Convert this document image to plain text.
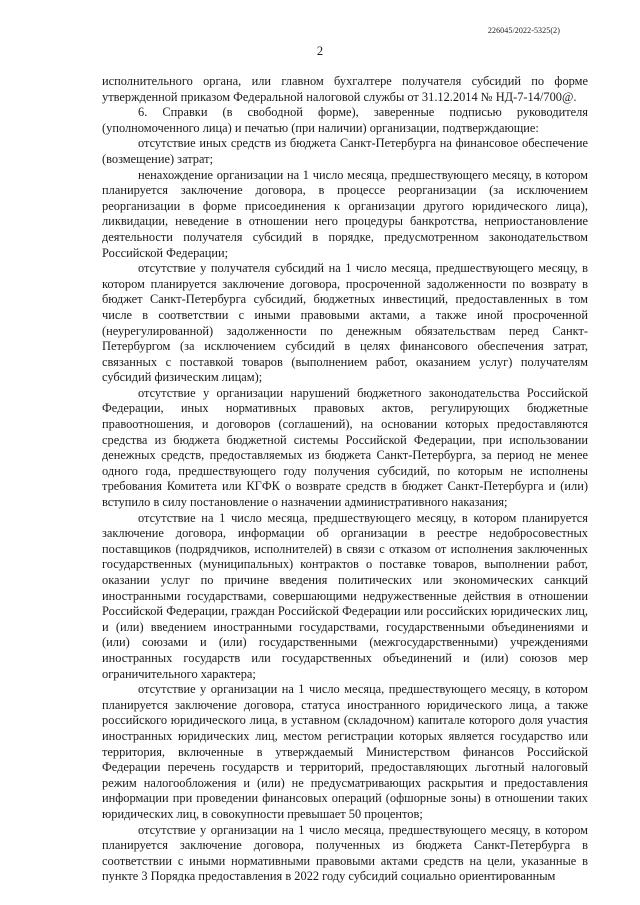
226045/2022-5325(2)
2

исполнительного органа, или главном бухгалтере получателя субсидий по форме утвержденной приказом Федеральной налоговой службы от 31.12.2014 № НД-7-14/700@.

6. Справки (в свободной форме), заверенные подписью руководителя (уполномоченного лица) и печатью (при наличии) организации, подтверждающие:

отсутствие иных средств из бюджета Санкт-Петербурга на финансовое обеспечение (возмещение) затрат;

ненахождение организации на 1 число месяца, предшествующего месяцу, в котором планируется заключение договора, в процессе реорганизации (за исключением реорганизации в форме присоединения к организации другого юридического лица), ликвидации, неведение в отношении него процедуры банкротства, неприостановление деятельности получателя субсидий в порядке, предусмотренном законодательством Российской Федерации;

отсутствие у получателя субсидий на 1 число месяца, предшествующего месяцу, в котором планируется заключение договора, просроченной задолженности по возврату в бюджет Санкт-Петербурга субсидий, бюджетных инвестиций, предоставленных в том числе в соответствии с иными правовыми актами, а также иной просроченной (неурегулированной) задолженности по денежным обязательствам перед Санкт-Петербургом (за исключением субсидий в целях финансового обеспечения затрат, связанных с поставкой товаров (выполнением работ, оказанием услуг) получателям субсидий физическим лицам);

отсутствие у организации нарушений бюджетного законодательства Российской Федерации, иных нормативных правовых актов, регулирующих бюджетные правоотношения, и договоров (соглашений), на основании которых предоставляются средства из бюджета бюджетной системы Российской Федерации, при использовании денежных средств, предоставляемых из бюджета Санкт-Петербурга, за период не менее одного года, предшествующего году получения субсидий, по которым не исполнены требования Комитета или КГФК о возврате средств в бюджет Санкт-Петербурга и (или) вступило в силу постановление о назначении административного наказания;

отсутствие на 1 число месяца, предшествующего месяцу, в котором планируется заключение договора, информации об организации в реестре недобросовестных поставщиков (подрядчиков, исполнителей) в связи с отказом от исполнения заключенных государственных (муниципальных) контрактов о поставке товаров, выполнении работ, оказании услуг по причине введения политических или экономических санкций иностранными государствами, совершающими недружественные действия в отношении Российской Федерации, граждан Российской Федерации или российских юридических лиц, и (или) введением иностранными государствами, государственными объединениями и (или) союзами и (или) государственными (межгосударственными) учреждениями иностранных государств или государственных объединений и (или) союзов мер ограничительного характера;

отсутствие у организации на 1 число месяца, предшествующего месяцу, в котором планируется заключение договора, статуса иностранного юридического лица, а также российского юридического лица, в уставном (складочном) капитале которого доля участия иностранных юридических лиц, местом регистрации которых является государство или территория, включенные в утверждаемый Министерством финансов Российской Федерации перечень государств и территорий, предоставляющих льготный налоговый режим налогообложения и (или) не предусматривающих раскрытия и предоставления информации при проведении финансовых операций (офшорные зоны) в отношении таких юридических лиц, в совокупности превышает 50 процентов;

отсутствие у организации на 1 число месяца, предшествующего месяцу, в котором планируется заключение договора, полученных из бюджета Санкт-Петербурга в соответствии с иными нормативными правовыми актами средств на цели, указанные в пункте 3 Порядка предоставления в 2022 году субсидий социально ориентированным
